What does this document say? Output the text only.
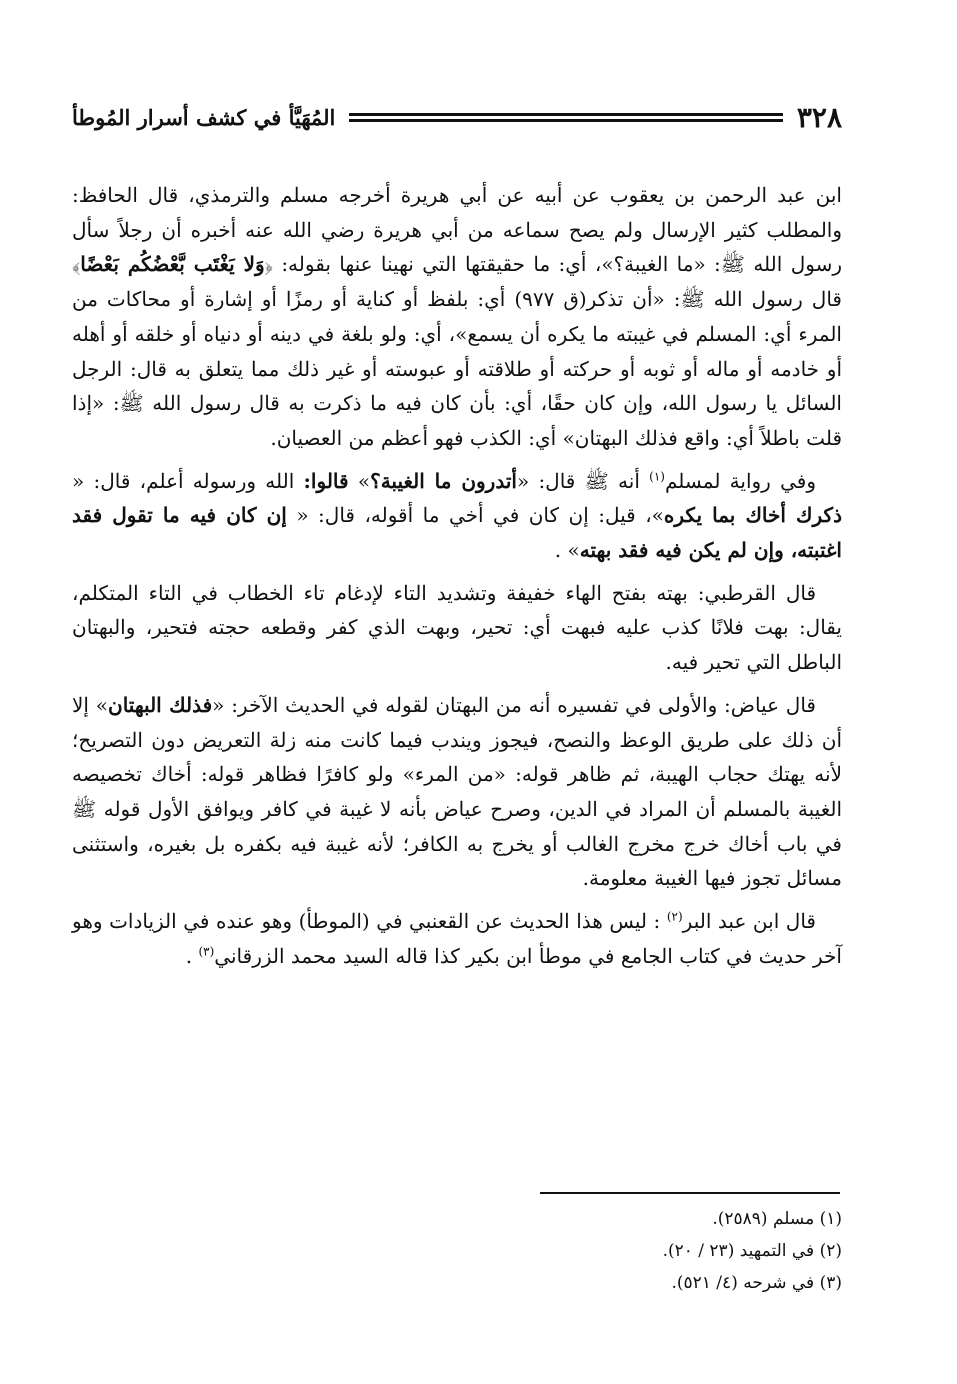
٣٢٨
المُهَيَّأ في كشف أسرار المُوطأ

ابن عبد الرحمن بن يعقوب عن أبيه عن أبي هريرة أخرجه مسلم والترمذي، قال الحافظ: والمطلب كثير الإرسال ولم يصح سماعه من أبي هريرة رضي الله عنه أخبره أن رجلاً سأل رسول الله ﷺ: «ما الغيبة؟»، أي: ما حقيقتها التي نهينا عنها بقوله: ﴿وَلا يَغْتَب بَّعْضُكُم بَعْضًا﴾ قال رسول الله ﷺ: «أن تذكر(ق ٩٧٧) أي: بلفظ أو كناية أو رمزًا أو إشارة أو محاكات من المرء أي: المسلم في غيبته ما يكره أن يسمع»، أي: ولو بلغة في دينه أو دنياه أو خلقه أو أهله أو خادمه أو ماله أو ثوبه أو حركته أو طلاقته أو عبوسته أو غير ذلك مما يتعلق به قال: الرجل السائل يا رسول الله، وإن كان حقًا، أي: بأن كان فيه ما ذكرت به قال رسول الله ﷺ: «إذا قلت باطلاً أي: واقع فذلك البهتان» أي: الكذب فهو أعظم من العصيان.

وفي رواية لمسلم$^{(١)}$ أنه ﷺ قال: «أتدرون ما الغيبة؟» قالوا: الله ورسوله أعلم، قال: « ذكرك أخاك بما يكره»، قيل: إن كان في أخي ما أقوله، قال: « إن كان فيه ما تقول فقد اغتبته، وإن لم يكن فيه فقد بهته» .

قال القرطبي: بهته بفتح الهاء خفيفة وتشديد التاء لإدغام تاء الخطاب في التاء المتكلم، يقال: بهت فلانًا كذب عليه فبهت أي: تحير، وبهت الذي كفر وقطعه حجته فتحير، والبهتان الباطل التي تحير فيه.

قال عياض: والأولى في تفسيره أنه من البهتان لقوله في الحديث الآخر: «فذلك البهتان» إلا أن ذلك على طريق الوعظ والنصح، فيجوز ويندب فيما كانت منه زلة التعريض دون التصريح؛ لأنه يهتك حجاب الهيبة، ثم ظاهر قوله: «من المرء» ولو كافرًا فظاهر قوله: أخاك تخصيصه الغيبة بالمسلم أن المراد في الدين، وصرح عياض بأنه لا غيبة في كافر ويوافق الأول قوله ﷺ في باب أخاك خرج مخرج الغالب أو يخرج به الكافر؛ لأنه غيبة فيه بكفره بل بغيره، واستثنى مسائل تجوز فيها الغيبة معلومة.

قال ابن عبد البر$^{(٢)}$ : ليس هذا الحديث عن القعنبي في (الموطأ) وهو عنده في الزيادات وهو آخر حديث في كتاب الجامع في موطأ ابن بكير كذا قاله السيد محمد الزرقاني$^{(٣)}$ .

(١) مسلم (٢٥٨٩).

(٢) في التمهيد (٢٣ / ٢٠).

(٣) في شرحه (٤/ ٥٢١).
